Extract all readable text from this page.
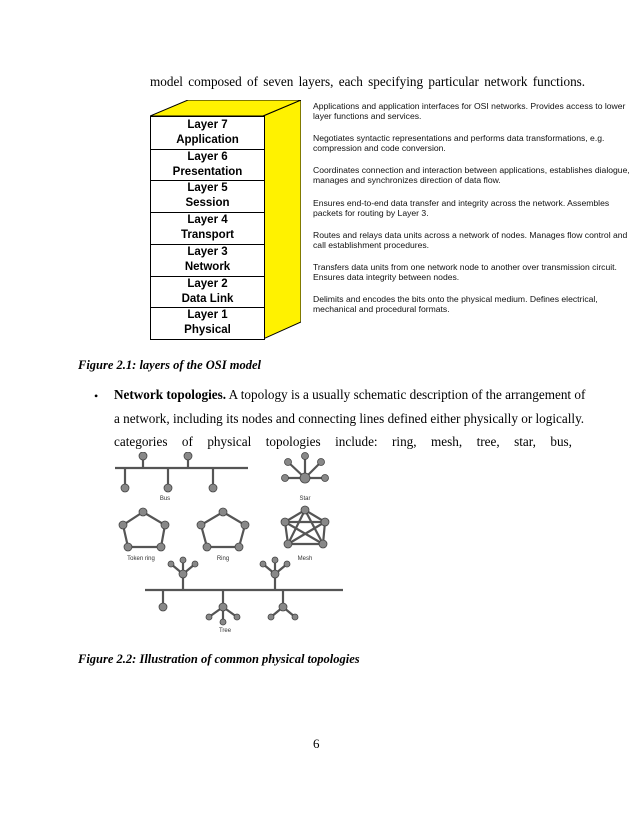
model composed of seven layers, each specifying particular network functions.
Layer 7
Application
Layer 6
Presentation
Layer 5
Session
Layer 4
Transport
Layer 3
Network
Layer 2
Data Link
Layer 1
Physical
Applications and application interfaces for OSI networks. Provides access to lower layer functions and services.
Negotiates syntactic representations and performs data transformations, e.g. compression and code conversion.
Coordinates connection and interaction between applications, establishes dialogue, manages and synchronizes direction of data flow.
Ensures end-to-end data transfer and integrity across the network. Assembles packets for routing by Layer 3.
Routes and relays data units across a network of nodes. Manages flow control and call establishment procedures.
Transfers data units from one network node to another over transmission circuit. Ensures data integrity between nodes.
Delimits and encodes the bits onto the physical medium. Defines electrical, mechanical and procedural formats.
Figure 2.1: layers of the OSI model
• Network topologies. A topology is a usually schematic description of the arrangement of
a network, including its nodes and connecting lines defined either physically or logically.
categories of physical topologies include: ring, mesh, tree, star, bus,
Bus	Star
Token ring	Ring	Mesh
Tree
Figure 2.2: Illustration of common physical topologies
6
